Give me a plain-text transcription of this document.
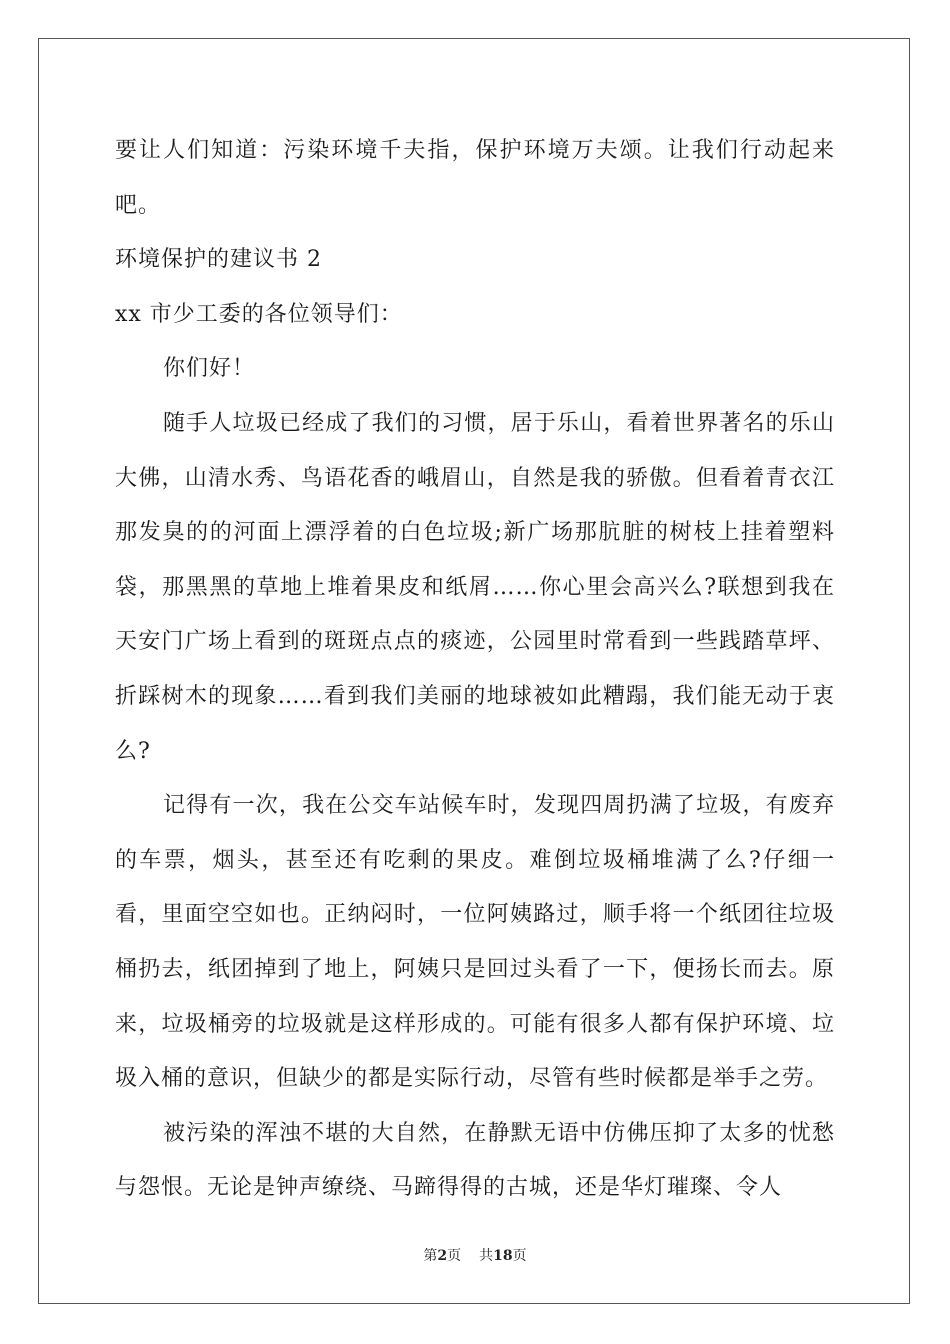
要让人们知道：污染环境千夫指，保护环境万夫颂。让我们行动起来吧。

环境保护的建议书 2

xx 市少工委的各位领导们：

你们好！

随手人垃圾已经成了我们的习惯，居于乐山，看着世界著名的乐山大佛，山清水秀、鸟语花香的峨眉山，自然是我的骄傲。但看着青衣江那发臭的的河面上漂浮着的白色垃圾;新广场那肮脏的树枝上挂着塑料袋，那黑黑的草地上堆着果皮和纸屑……你心里会高兴么?联想到我在天安门广场上看到的斑斑点点的痰迹，公园里时常看到一些践踏草坪、折踩树木的现象……看到我们美丽的地球被如此糟蹋，我们能无动于衷么?

记得有一次，我在公交车站候车时，发现四周扔满了垃圾，有废弃的车票，烟头，甚至还有吃剩的果皮。难倒垃圾桶堆满了么?仔细一看，里面空空如也。正纳闷时，一位阿姨路过，顺手将一个纸团往垃圾桶扔去，纸团掉到了地上，阿姨只是回过头看了一下，便扬长而去。原来，垃圾桶旁的垃圾就是这样形成的。可能有很多人都有保护环境、垃圾入桶的意识，但缺少的都是实际行动，尽管有些时候都是举手之劳。

被污染的浑浊不堪的大自然，在静默无语中仿佛压抑了太多的忧愁与怨恨。无论是钟声缭绕、马蹄得得的古城，还是华灯璀璨、令人

第2页 共18页
